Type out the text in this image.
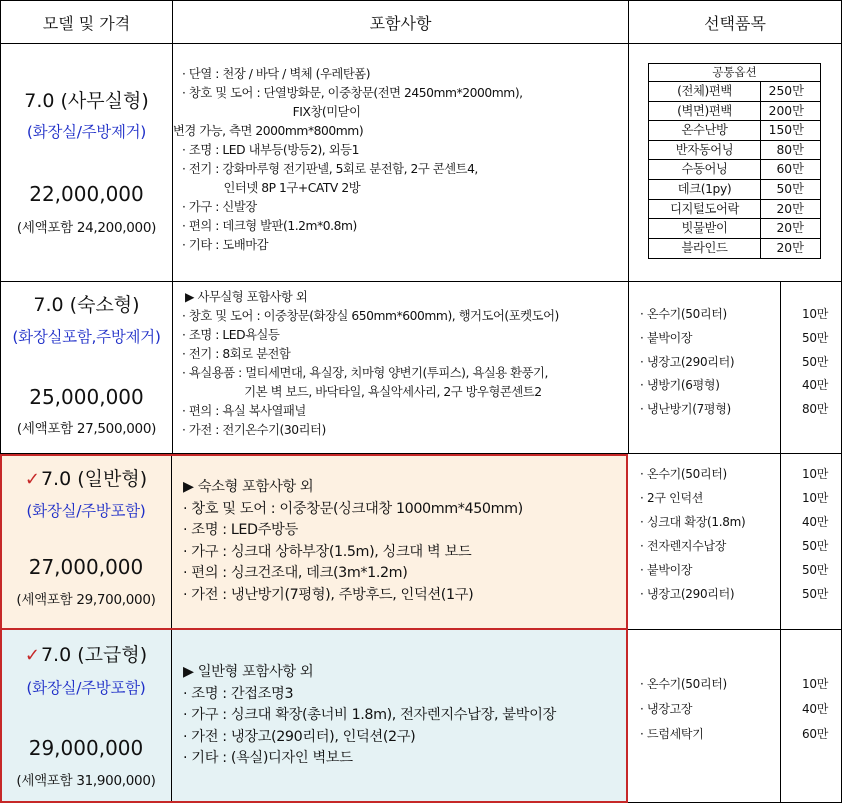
모델 및 가격	포함사항	선택품목
7.0 (사무실형)
(화장실/주방제거)
22,000,000
(세액포함 24,200,000)
· 단열 : 천장 / 바닥 / 벽체 (우레탄폼)
· 창호 및 도어 : 단열방화문, 이중창문(전면 2450mm*2000mm),
FIX창(미닫이
변경 가능, 측면 2000mm*800mm)
· 조명 : LED 내부등(방등2), 외등1
· 전기 : 강화마루형 전기판넬, 5회로 분전함, 2구 콘센트4,
인터넷 8P 1구+CATV 2방
· 가구 : 신발장
· 편의 : 데크형 발판(1.2m*0.8m)
· 기타 : 도배마감
공통옵션
(전체)편백	250만
(벽면)편백	200만
온수난방	150만
반자동어닝	80만
수동어닝	60만
데크(1py)	50만
디지털도어락	20만
빗물받이	20만
블라인드	20만
7.0 (숙소형)
(화장실포함,주방제거)
25,000,000
(세액포함 27,500,000)
▶ 사무실형 포함사항 외
· 창호 및 도어 : 이중창문(화장실 650mm*600mm), 행거도어(포켓도어)
· 조명 : LED욕실등
· 전기 : 8회로 분전함
· 욕실용품 : 멀티세면대, 욕실장, 치마형 양변기(투피스), 욕실용 환풍기,
기본 벽 보드, 바닥타일, 욕실악세사리, 2구 방우형콘센트2
· 편의 : 욕실 복사열패널
· 가전 : 전기온수기(30리터)
✓7.0 (일반형)
(화장실/주방포함)
27,000,000
(세액포함 29,700,000)
▶ 숙소형 포함사항 외
· 창호 및 도어 : 이중창문(싱크대창 1000mm*450mm)
· 조명 : LED주방등
· 가구 : 싱크대 상하부장(1.5m), 싱크대 벽 보드
· 편의 : 싱크건조대, 데크(3m*1.2m)
· 가전 : 냉난방기(7평형), 주방후드, 인덕션(1구)
✓7.0 (고급형)
(화장실/주방포함)
29,000,000
(세액포함 31,900,000)
▶ 일반형 포함사항 외
· 조명 : 간접조명3
· 가구 : 싱크대 확장(총너비 1.8m), 전자렌지수납장, 붙박이장
· 가전 : 냉장고(290리터), 인덕션(2구)
· 기타 : (욕실)디자인 벽보드
· 온수기(50리터)	10만
· 붙박이장	50만
· 냉장고(290리터)	50만
· 냉방기(6평형)	40만
· 냉난방기(7평형)	80만
· 온수기(50리터)	10만
· 2구 인덕션	10만
· 싱크대 확장(1.8m)	40만
· 전자렌지수납장	50만
· 붙박이장	50만
· 냉장고(290리터)	50만
· 온수기(50리터)	10만
· 냉장고장	40만
· 드럼세탁기	60만
